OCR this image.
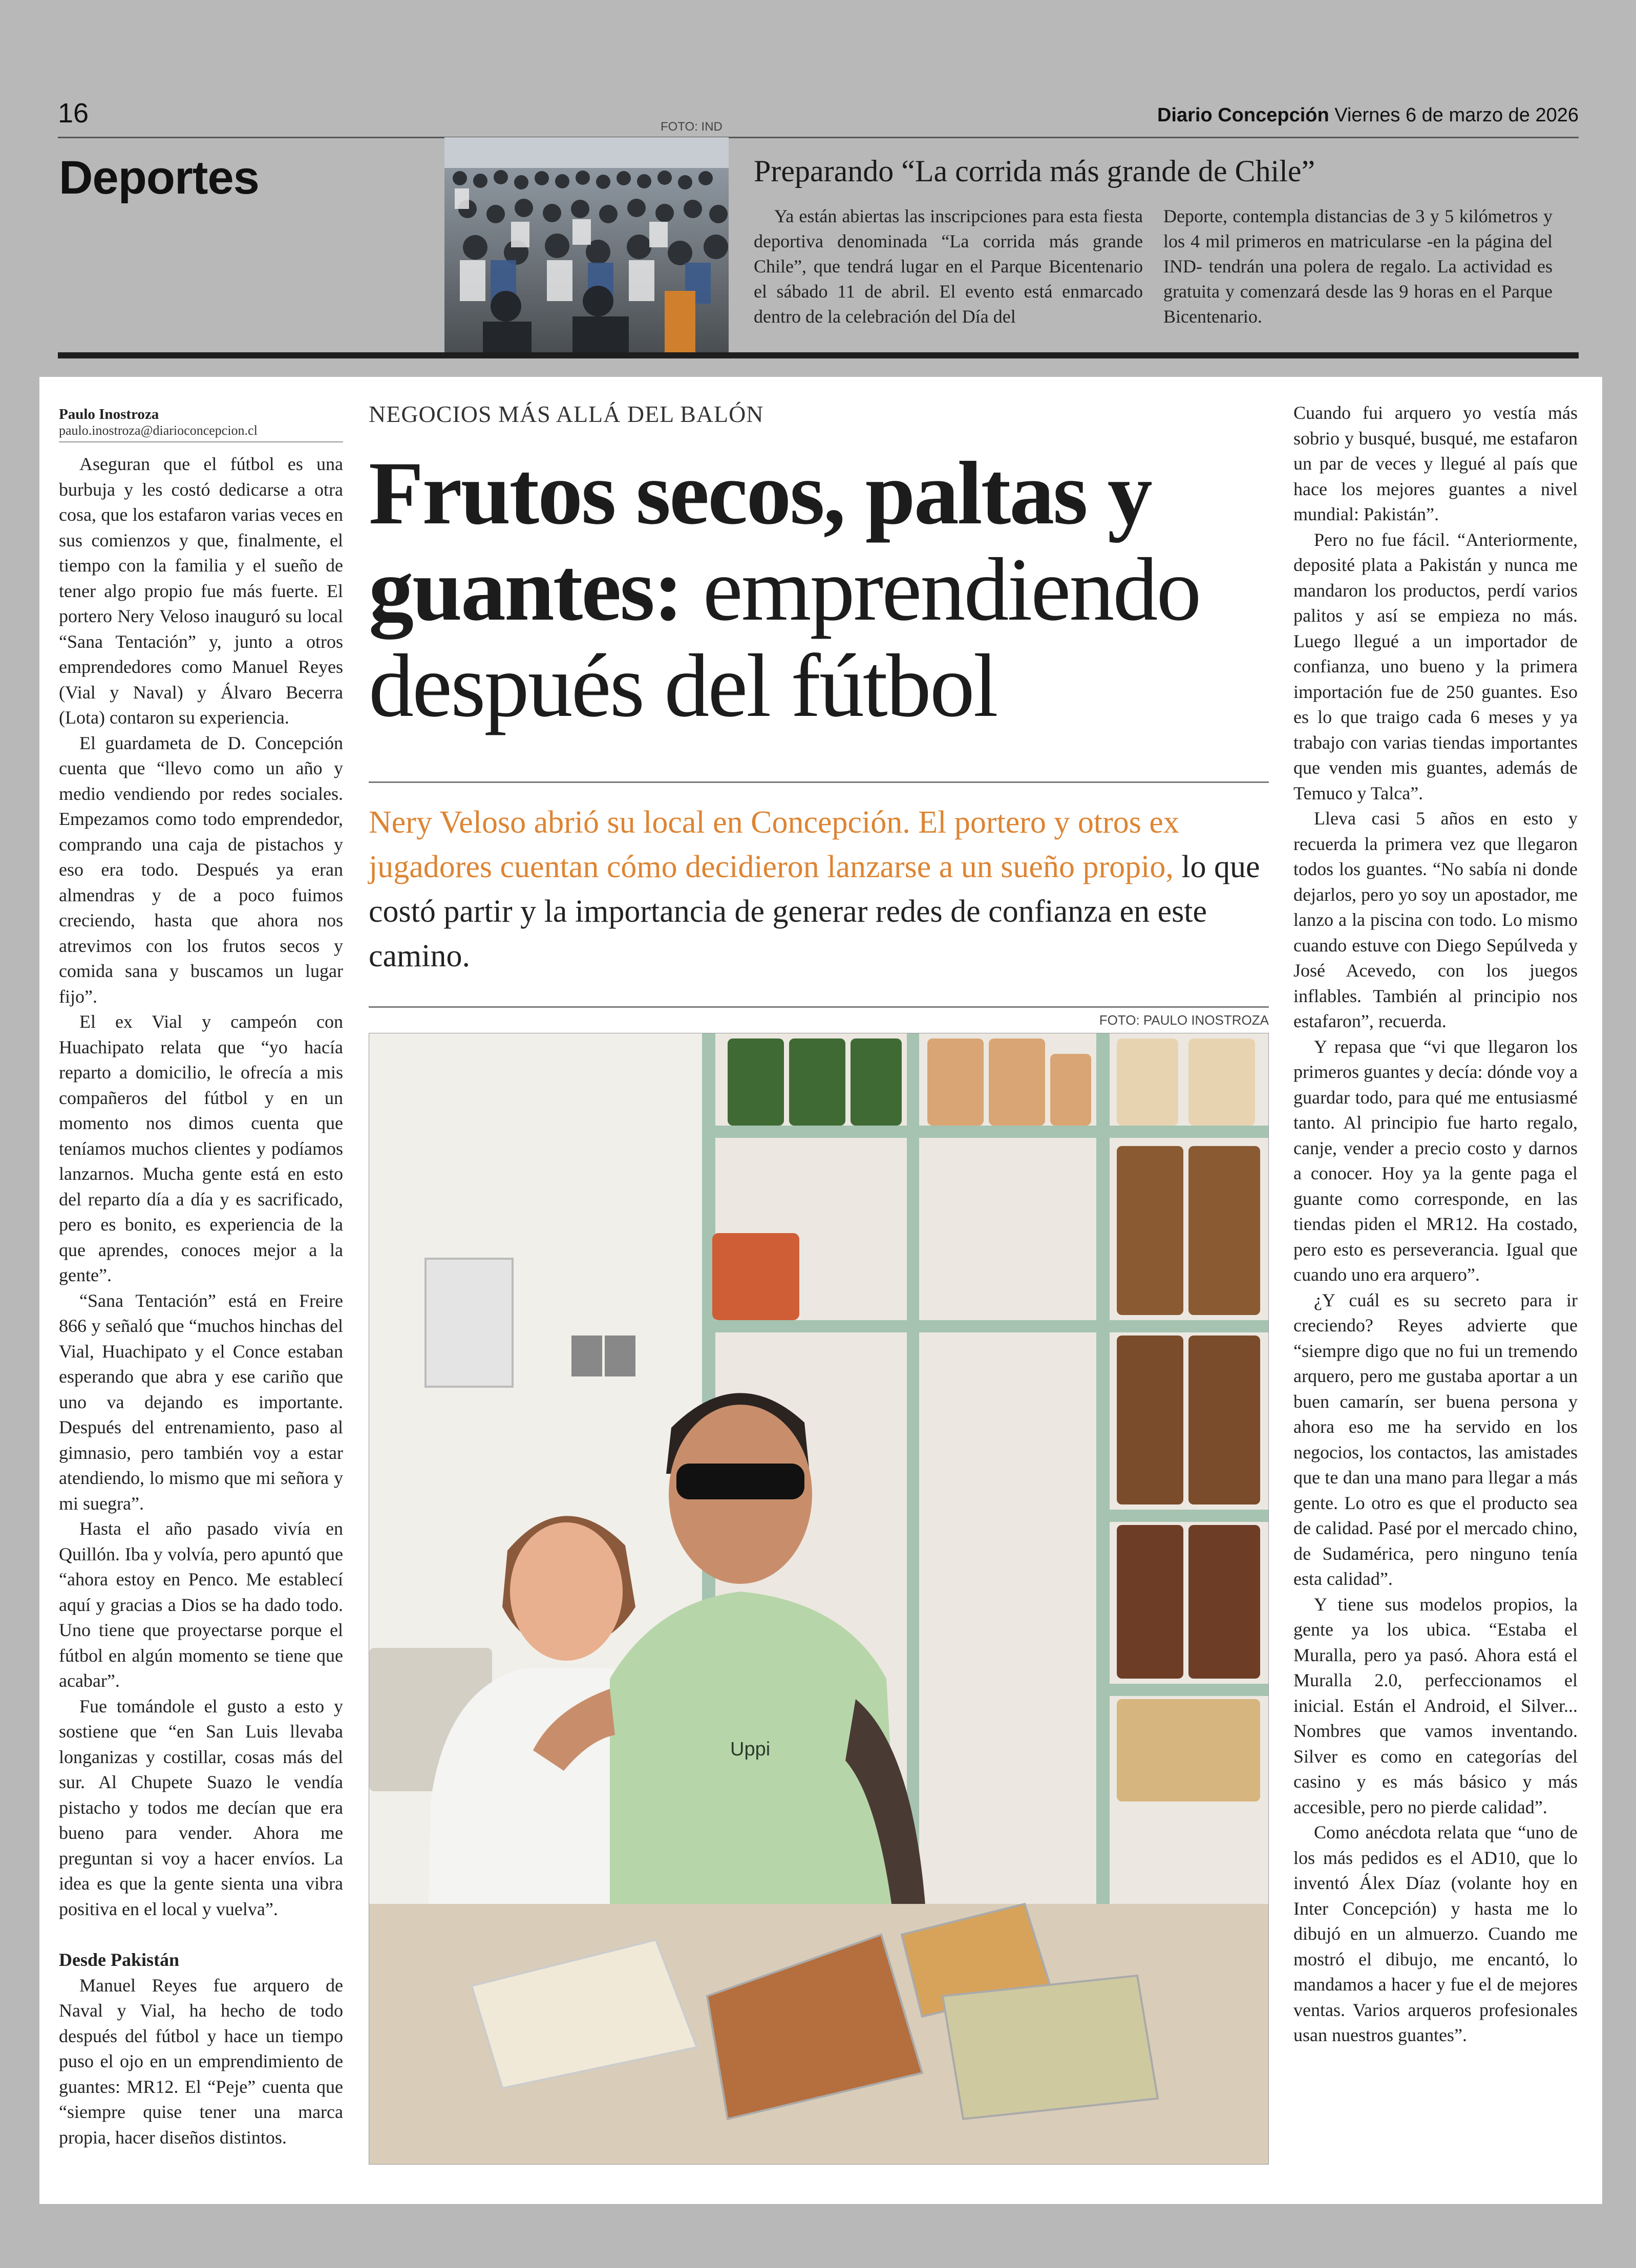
16	Diario Concepción Viernes 6 de marzo de 2026
Deportes
FOTO: IND
Preparando “La corrida más grande de Chile”
Ya están abiertas las inscripciones para esta fiesta deportiva denominada “La corrida más grande Chile”, que tendrá lugar en el Parque Bicentenario el sábado 11 de abril. El evento está enmarcado dentro de la celebración del Día del
Deporte, contempla distancias de 3 y 5 kilómetros y los 4 mil primeros en matricularse -en la página del IND- tendrán una polera de regalo. La actividad es gratuita y comenzará desde las 9 horas en el Parque Bicentenario.
Paulo Inostroza
paulo.inostroza@diarioconcepcion.cl

Aseguran que el fútbol es una burbuja y les costó dedicarse a otra cosa, que los estafaron varias veces en sus comienzos y que, finalmente, el tiempo con la familia y el sueño de tener algo propio fue más fuerte. El portero Nery Veloso inauguró su local “Sana Tentación” y, junto a otros emprendedores como Manuel Reyes (Vial y Naval) y Álvaro Becerra (Lota) contaron su experiencia.

El guardameta de D. Concepción cuenta que “llevo como un año y medio vendiendo por redes sociales. Empezamos como todo emprendedor, comprando una caja de pistachos y eso era todo. Después ya eran almendras y de a poco fuimos creciendo, hasta que ahora nos atrevimos con los frutos secos y comida sana y buscamos un lugar fijo”.

El ex Vial y campeón con Huachipato relata que “yo hacía reparto a domicilio, le ofrecía a mis compañeros del fútbol y en un momento nos dimos cuenta que teníamos muchos clientes y podíamos lanzarnos. Mucha gente está en esto del reparto día a día y es sacrificado, pero es bonito, es experiencia de la que aprendes, conoces mejor a la gente”.

“Sana Tentación” está en Freire 866 y señaló que “muchos hinchas del Vial, Huachipato y el Conce estaban esperando que abra y ese cariño que uno va dejando es importante. Después del entrenamiento, paso al gimnasio, pero también voy a estar atendiendo, lo mismo que mi señora y mi suegra”.

Hasta el año pasado vivía en Quillón. Iba y volvía, pero apuntó que “ahora estoy en Penco. Me establecí aquí y gracias a Dios se ha dado todo. Uno tiene que proyectarse porque el fútbol en algún momento se tiene que acabar”.

Fue tomándole el gusto a esto y sostiene que “en San Luis llevaba longanizas y costillar, cosas más del sur. Al Chupete Suazo le vendía pistacho y todos me decían que era bueno para vender. Ahora me preguntan si voy a hacer envíos. La idea es que la gente sienta una vibra positiva en el local y vuelva”.

Desde Pakistán

Manuel Reyes fue arquero de Naval y Vial, ha hecho de todo después del fútbol y hace un tiempo puso el ojo en un emprendimiento de guantes: MR12. El “Peje” cuenta que “siempre quise tener una marca propia, hacer diseños distintos.

NEGOCIOS MÁS ALLÁ DEL BALÓN
Frutos secos, paltas y guantes: emprendiendo después del fútbol
Nery Veloso abrió su local en Concepción. El portero y otros ex jugadores cuentan cómo decidieron lanzarse a un sueño propio, lo que costó partir y la importancia de generar redes de confianza en este camino.
FOTO: PAULO INOSTROZA
Uppi

Cuando fui arquero yo vestía más sobrio y busqué, busqué, me estafaron un par de veces y llegué al país que hace los mejores guantes a nivel mundial: Pakistán”.

Pero no fue fácil. “Anteriormente, deposité plata a Pakistán y nunca me mandaron los productos, perdí varios palitos y así se empieza no más. Luego llegué a un importador de confianza, uno bueno y la primera importación fue de 250 guantes. Eso es lo que traigo cada 6 meses y ya trabajo con varias tiendas importantes que venden mis guantes, además de Temuco y Talca”.

Lleva casi 5 años en esto y recuerda la primera vez que llegaron todos los guantes. “No sabía ni donde dejarlos, pero yo soy un apostador, me lanzo a la piscina con todo. Lo mismo cuando estuve con Diego Sepúlveda y José Acevedo, con los juegos inflables. También al principio nos estafaron”, recuerda.

Y repasa que “vi que llegaron los primeros guantes y decía: dónde voy a guardar todo, para qué me entusiasmé tanto. Al principio fue harto regalo, canje, vender a precio costo y darnos a conocer. Hoy ya la gente paga el guante como corresponde, en las tiendas piden el MR12. Ha costado, pero esto es perseverancia. Igual que cuando uno era arquero”.

¿Y cuál es su secreto para ir creciendo? Reyes advierte que “siempre digo que no fui un tremendo arquero, pero me gustaba aportar a un buen camarín, ser buena persona y ahora eso me ha servido en los negocios, los contactos, las amistades que te dan una mano para llegar a más gente. Lo otro es que el producto sea de calidad. Pasé por el mercado chino, de Sudamérica, pero ninguno tenía esta calidad”.

Y tiene sus modelos propios, la gente ya los ubica. “Estaba el Muralla, pero ya pasó. Ahora está el Muralla 2.0, perfeccionamos el inicial. Están el Android, el Silver... Nombres que vamos inventando. Silver es como en categorías del casino y es más básico y más accesible, pero no pierde calidad”.

Como anécdota relata que “uno de los más pedidos es el AD10, que lo inventó Álex Díaz (volante hoy en Inter Concepción) y hasta me lo dibujó en un almuerzo. Cuando me mostró el dibujo, me encantó, lo mandamos a hacer y fue el de mejores ventas. Varios arqueros profesionales usan nuestros guantes”.
